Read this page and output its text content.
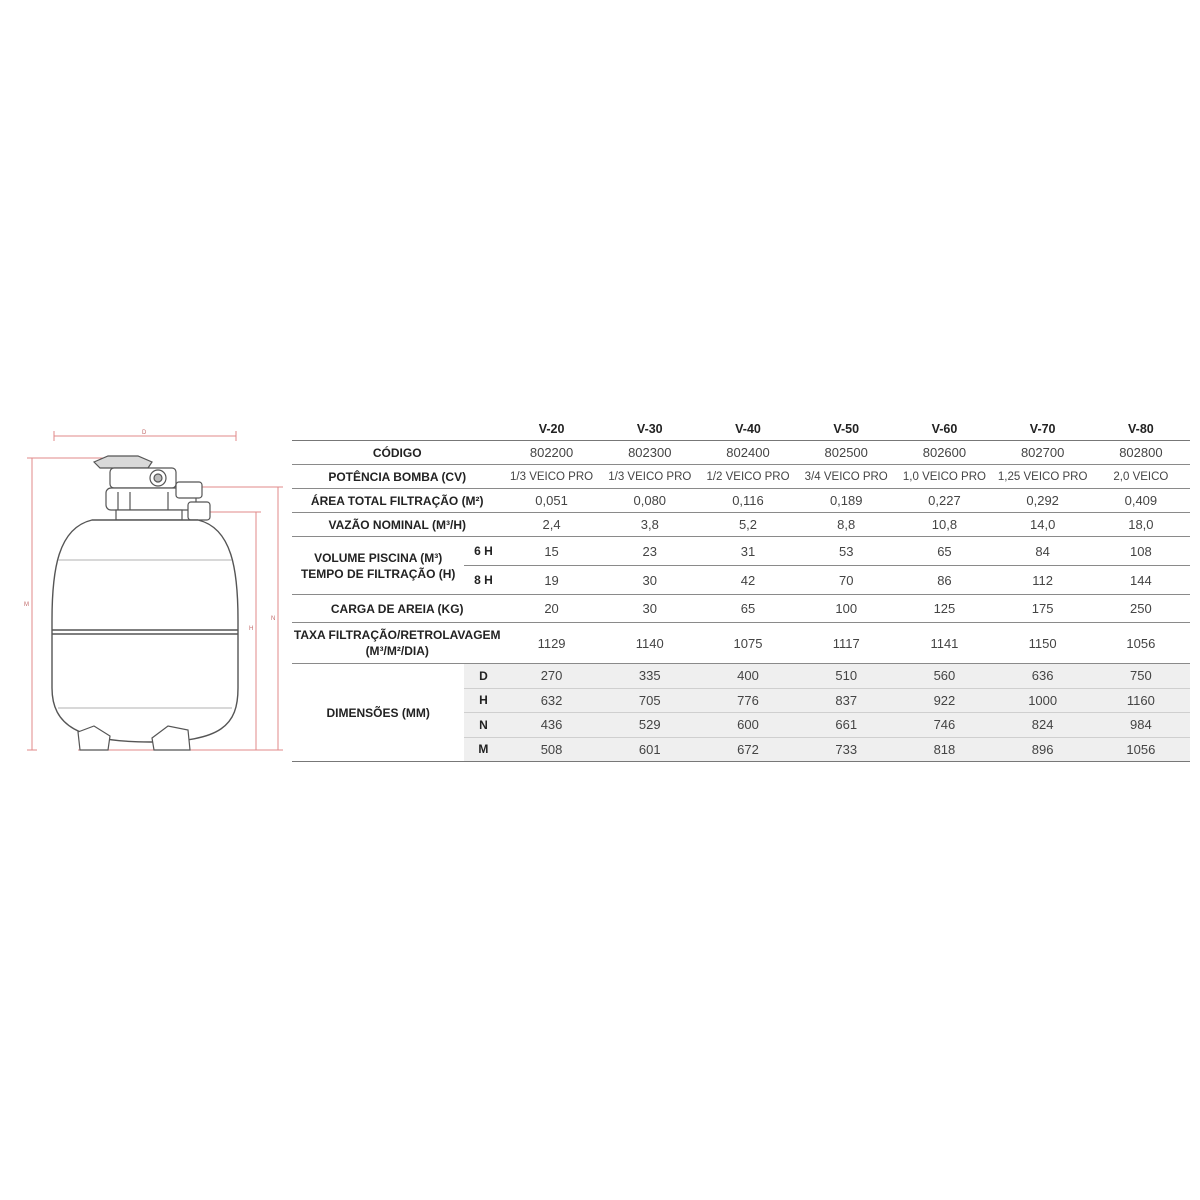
D
M
N
H
		V-20	V-30	V-40	V-50	V-60	V-70	V-80
CÓDIGO		802200	802300	802400	802500	802600	802700	802800
POTÊNCIA BOMBA (CV)		1/3 VEICO PRO	1/3 VEICO PRO	1/2 VEICO PRO	3/4 VEICO PRO	1,0 VEICO PRO	1,25 VEICO PRO	2,0 VEICO
ÁREA TOTAL FILTRAÇÃO (M²)		0,051	0,080	0,116	0,189	0,227	0,292	0,409
VAZÃO NOMINAL (M³/H)		2,4	3,8	5,2	8,8	10,8	14,0	18,0

VOLUME PISCINA (M³)
TEMPO DE FILTRAÇÃO (H)	6 H	15	23	31	53	65	84	108
	8 H	19	30	42	70	86	112	144
CARGA DE AREIA (KG)		20	30	65	100	125	175	250

TAXA FILTRAÇÃO/RETROLAVAGEM
(M³/M²/DIA)		1129	1140	1075	1117	1141	1150	1056
DIMENSÕES (MM)	D	270	335	400	510	560	636	750
	H	632	705	776	837	922	1000	1160
	N	436	529	600	661	746	824	984
	M	508	601	672	733	818	896	1056
